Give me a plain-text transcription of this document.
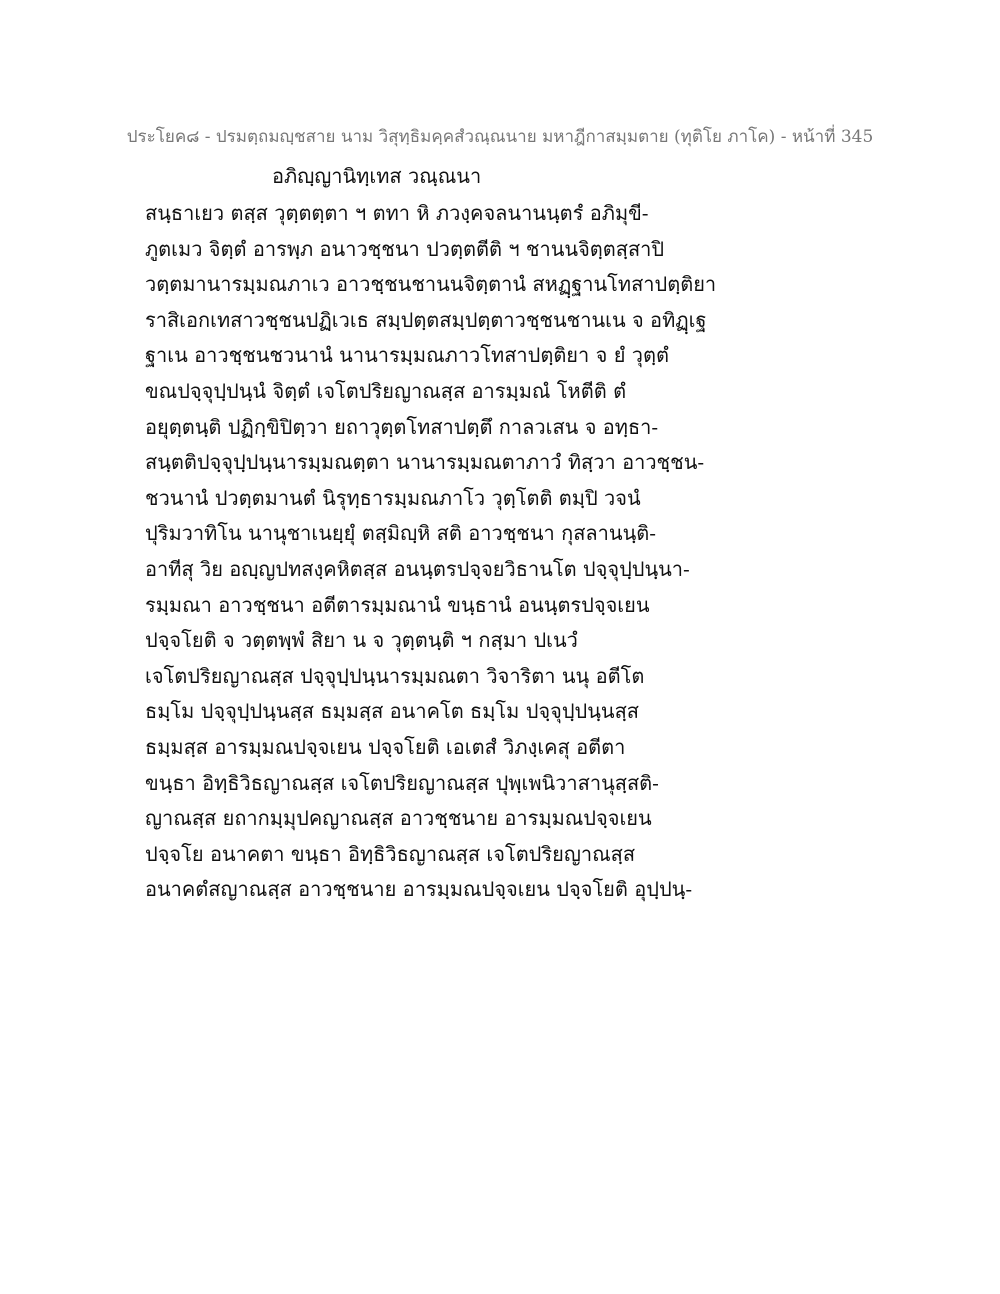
ประโยค๘ - ปรมตฺถมญฺชสาย นาม วิสุทฺธิมคฺคสํวณฺณนาย มหาฎีกาสมฺมตาย (ทุติโย ภาโค) - หน้าที่ 345
อภิญฺญานิทฺเทส วณฺณนา
สนฺธาเยว ตสฺส วุตฺตตฺตา ฯ ตทา หิ ภวงฺคจลนานนฺตรํ อภิมุขี-
ภูตเมว จิตฺตํ อารพฺภ อนาวชฺชนา ปวตฺตตีติ ฯ ชานนจิตฺตสฺสาปิ
วตฺตมานารมฺมณภาเว อาวชฺชนชานนจิตฺตานํ สหฏฺฐานโทสาปตฺติยา
ราสิเอกเทสาวชฺชนปฏิเวเธ สมฺปตฺตสมฺปตฺตาวชฺชนชานเน จ อทิฏฺเฐ
ฐาเน อาวชฺชนชวนานํ นานารมฺมณภาวโทสาปตฺติยา จ ยํ วุตฺตํ
ขณปจฺจุปฺปนฺนํ จิตฺตํ เจโตปริยญาณสฺส อารมฺมณํ โหตีติ ตํ
อยุตฺตนฺติ ปฏิกฺขิปิตฺวา ยถาวุตฺตโทสาปตฺตึ กาลวเสน จ อทฺธา-
สนฺตติปจฺจุปฺปนฺนารมฺมณตฺตา นานารมฺมณตาภาวํ ทิสฺวา อาวชฺชน-
ชวนานํ ปวตฺตมานตํ นิรุทฺธารมฺมณภาโว วุตฺโตติ ตมฺปิ วจนํ
ปุริมวาทิโน นานุชาเนยฺยุํ ตสฺมิญฺหิ สติ อาวชฺชนา กุสลานนฺติ-
อาทีสุ วิย อญฺญปทสงฺคหิตสฺส อนนฺตรปจฺจยวิธานโต ปจฺจุปฺปนฺนา-
รมฺมณา อาวชฺชนา อตีตารมฺมณานํ ขนฺธานํ อนนฺตรปจฺจเยน
ปจฺจโยติ จ วตฺตพฺพํ สิยา น จ วุตฺตนฺติ ฯ กสฺมา ปเนวํ
เจโตปริยญาณสฺส ปจฺจุปฺปนฺนารมฺมณตา วิจาริตา นนุ อตีโต
ธมฺโม ปจฺจุปฺปนฺนสฺส ธมฺมสฺส อนาคโต ธมฺโม ปจฺจุปฺปนฺนสฺส
ธมฺมสฺส อารมฺมณปจฺจเยน ปจฺจโยติ เอเตสํ วิภงฺเคสุ อตีตา
ขนฺธา อิทฺธิวิธญาณสฺส เจโตปริยญาณสฺส ปุพฺเพนิวาสานุสฺสติ-
ญาณสฺส ยถากมฺมุปคญาณสฺส อาวชฺชนาย อารมฺมณปจฺจเยน
ปจฺจโย อนาคตา ขนฺธา อิทฺธิวิธญาณสฺส เจโตปริยญาณสฺส
อนาคตํสญาณสฺส อาวชฺชนาย อารมฺมณปจฺจเยน ปจฺจโยติ อุปฺปนฺ-
